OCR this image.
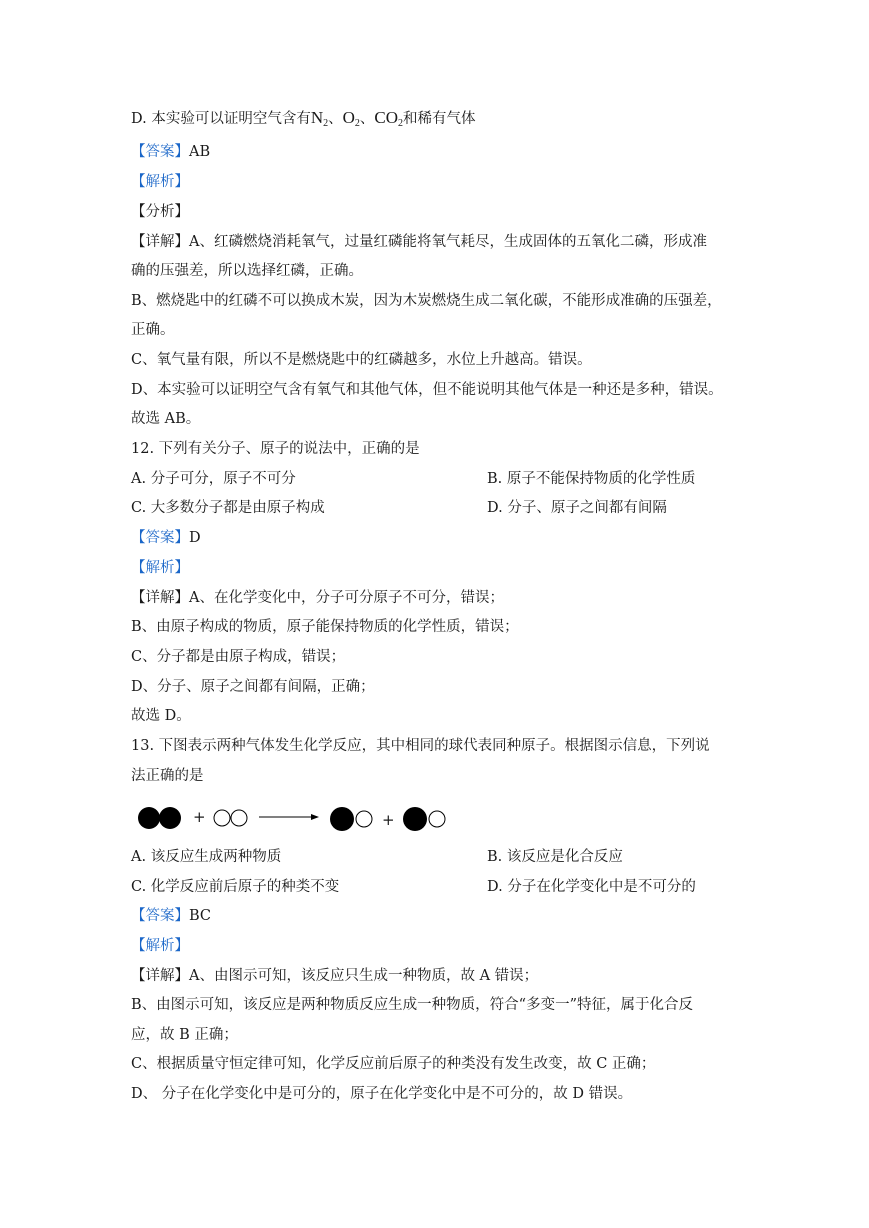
D. 本实验可以证明空气含有$N_2$、$O_2$、$CO_2$和稀有气体
【答案】AB
【解析】
【分析】
【详解】A、红磷燃烧消耗氧气，过量红磷能将氧气耗尽，生成固体的五氧化二磷，形成准
确的压强差，所以选择红磷，正确。
B、燃烧匙中的红磷不可以换成木炭，因为木炭燃烧生成二氧化碳，不能形成准确的压强差，
正确。
C、氧气量有限，所以不是燃烧匙中的红磷越多，水位上升越高。错误。
D、本实验可以证明空气含有氧气和其他气体，但不能说明其他气体是一种还是多种，错误。
故选 AB。
12. 下列有关分子、原子的说法中，正确的是
A. 分子可分，原子不可分	B. 原子不能保持物质的化学性质
C. 大多数分子都是由原子构成	D. 分子、原子之间都有间隔
【答案】D
【解析】
【详解】A、在化学变化中，分子可分原子不可分，错误；
B、由原子构成的物质，原子能保持物质的化学性质，错误；
C、分子都是由原子构成，错误；
D、分子、原子之间都有间隔，正确；
故选 D。
13. 下图表示两种气体发生化学反应，其中相同的球代表同种原子。根据图示信息，下列说
法正确的是
+	+
A. 该反应生成两种物质	B. 该反应是化合反应
C. 化学反应前后原子的种类不变	D. 分子在化学变化中是不可分的
【答案】BC
【解析】
【详解】A、由图示可知，该反应只生成一种物质，故 A 错误；
B、由图示可知，该反应是两种物质反应生成一种物质，符合“多变一”特征，属于化合反
应，故 B 正确；
C、根据质量守恒定律可知，化学反应前后原子的种类没有发生改变，故 C 正确；
D、 分子在化学变化中是可分的，原子在化学变化中是不可分的，故 D 错误。
